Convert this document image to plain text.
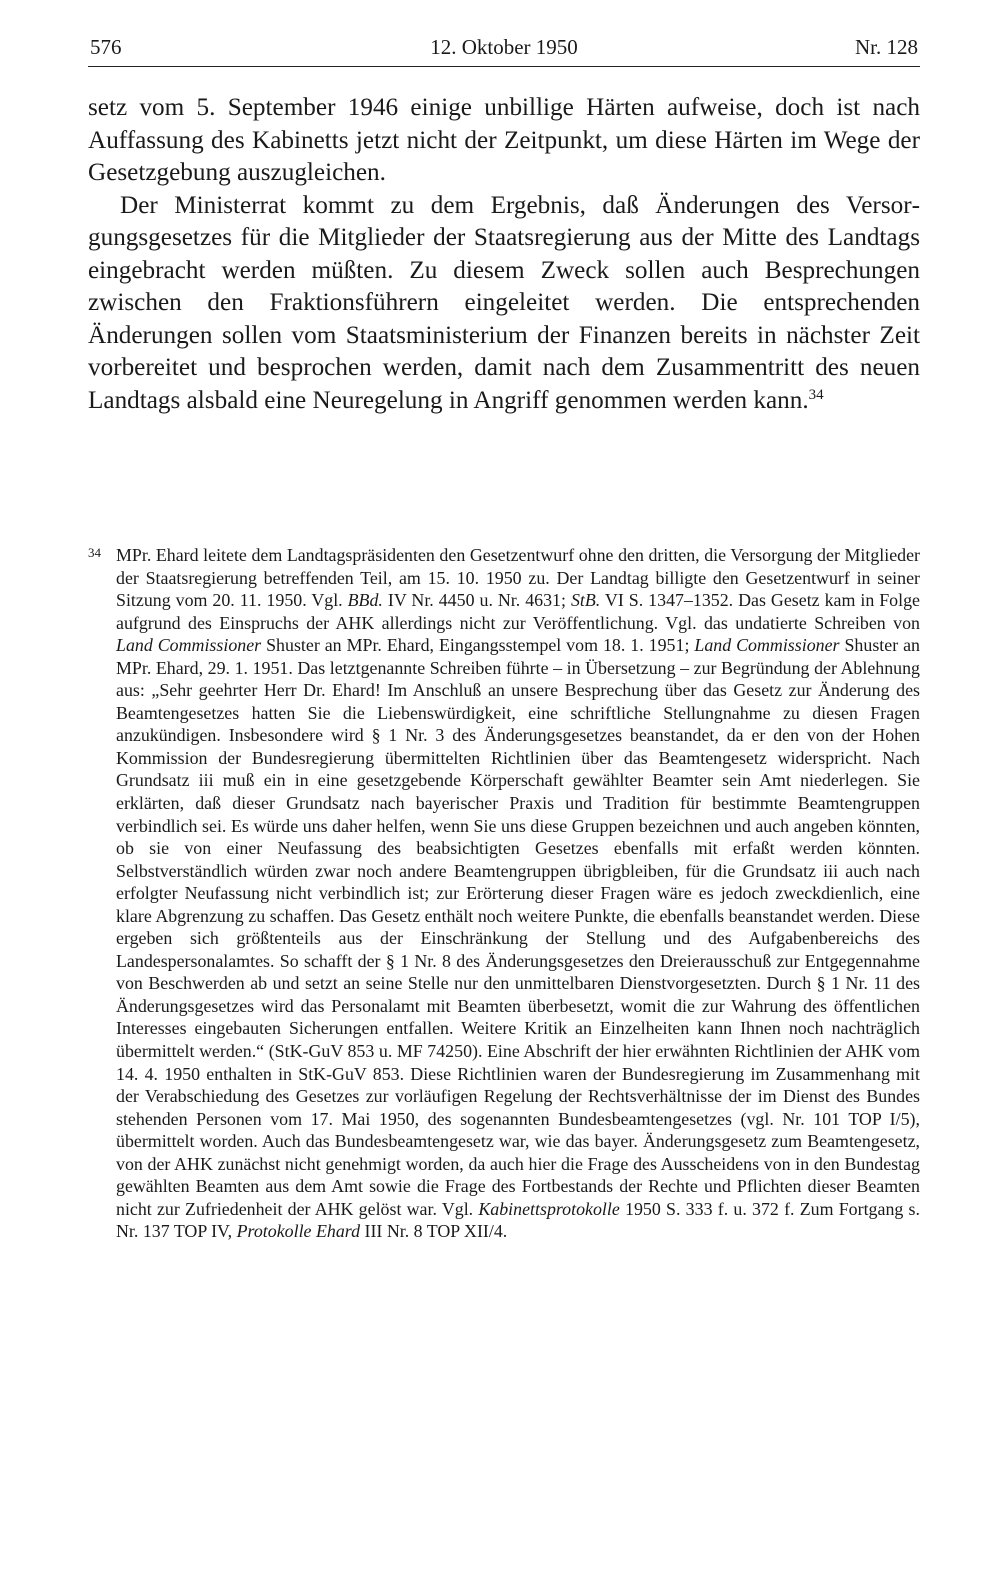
576	12. Oktober 1950	Nr. 128

setz vom 5. September 1946 einige unbillige Härten aufweise, doch ist nach Auffassung des Kabinetts jetzt nicht der Zeitpunkt, um diese Härten im Wege der Gesetzgebung auszugleichen.

Der Ministerrat kommt zu dem Ergebnis, daß Änderungen des Versorgungsgesetzes für die Mitglieder der Staatsregierung aus der Mitte des Landtags eingebracht werden müßten. Zu diesem Zweck sollen auch Besprechungen zwischen den Fraktionsführern eingeleitet werden. Die entsprechenden Änderungen sollen vom Staatsministerium der Finanzen bereits in nächster Zeit vorbereitet und besprochen werden, damit nach dem Zusammentritt des neuen Landtags alsbald eine Neuregelung in Angriff genommen werden kann.$^{34}$

34 MPr. Ehard leitete dem Landtagspräsidenten den Gesetzentwurf ohne den dritten, die Versorgung der Mitglieder der Staatsregierung betreffenden Teil, am 15. 10. 1950 zu. Der Landtag billigte den Gesetzentwurf in seiner Sitzung vom 20. 11. 1950. Vgl. BBd. IV Nr. 4450 u. Nr. 4631; StB. VI S. 1347–1352. Das Gesetz kam in Folge aufgrund des Einspruchs der AHK allerdings nicht zur Veröffentlichung. Vgl. das undatierte Schreiben von Land Commissioner Shuster an MPr. Ehard, Eingangsstempel vom 18. 1. 1951; Land Commissioner Shuster an MPr. Ehard, 29. 1. 1951. Das letztgenannte Schreiben führte – in Übersetzung – zur Begründung der Ablehnung aus: „Sehr geehrter Herr Dr. Ehard! Im Anschluß an unsere Besprechung über das Gesetz zur Änderung des Beamtengesetzes hatten Sie die Liebenswürdigkeit, eine schriftliche Stellungnahme zu diesen Fragen anzukündigen. Insbesondere wird § 1 Nr. 3 des Änderungsgesetzes beanstandet, da er den von der Hohen Kommission der Bundesregierung übermittelten Richtlinien über das Beamtengesetz widerspricht. Nach Grundsatz iii muß ein in eine gesetzgebende Körperschaft gewählter Beamter sein Amt niederlegen. Sie erklärten, daß dieser Grundsatz nach bayerischer Praxis und Tradition für bestimmte Beamtengruppen verbindlich sei. Es würde uns daher helfen, wenn Sie uns diese Gruppen bezeichnen und auch angeben könnten, ob sie von einer Neufassung des beabsichtigten Gesetzes ebenfalls mit erfaßt werden könnten. Selbstverständlich würden zwar noch andere Beamtengruppen übrigbleiben, für die Grundsatz iii auch nach erfolgter Neufassung nicht verbindlich ist; zur Erörterung dieser Fragen wäre es jedoch zweckdienlich, eine klare Abgrenzung zu schaffen. Das Gesetz enthält noch weitere Punkte, die ebenfalls beanstandet werden. Diese ergeben sich größtenteils aus der Einschränkung der Stellung und des Aufgabenbereichs des Landespersonalamtes. So schafft der § 1 Nr. 8 des Änderungsgesetzes den Dreierausschuß zur Entgegennahme von Beschwerden ab und setzt an seine Stelle nur den unmittelbaren Dienstvorgesetzten. Durch § 1 Nr. 11 des Änderungsgesetzes wird das Personalamt mit Beamten überbesetzt, womit die zur Wahrung des öffentlichen Interesses eingebauten Sicherungen entfallen. Weitere Kritik an Einzelheiten kann Ihnen noch nachträglich übermittelt werden.“ (StK-GuV 853 u. MF 74250). Eine Abschrift der hier erwähnten Richtlinien der AHK vom 14. 4. 1950 enthalten in StK-GuV 853. Diese Richtlinien waren der Bundesregierung im Zusammenhang mit der Verabschiedung des Gesetzes zur vorläufigen Regelung der Rechtsverhältnisse der im Dienst des Bundes stehenden Personen vom 17. Mai 1950, des sogenannten Bundesbeamtengesetzes (vgl. Nr. 101 TOP I/5), übermittelt worden. Auch das Bundesbeamtengesetz war, wie das bayer. Änderungsgesetz zum Beamtengesetz, von der AHK zunächst nicht genehmigt worden, da auch hier die Frage des Ausscheidens von in den Bundestag gewählten Beamten aus dem Amt sowie die Frage des Fortbestands der Rechte und Pflichten dieser Beamten nicht zur Zufriedenheit der AHK gelöst war. Vgl. Kabinettsprotokolle 1950 S. 333 f. u. 372 f. Zum Fortgang s. Nr. 137 TOP IV, Protokolle Ehard III Nr. 8 TOP XII/4.
